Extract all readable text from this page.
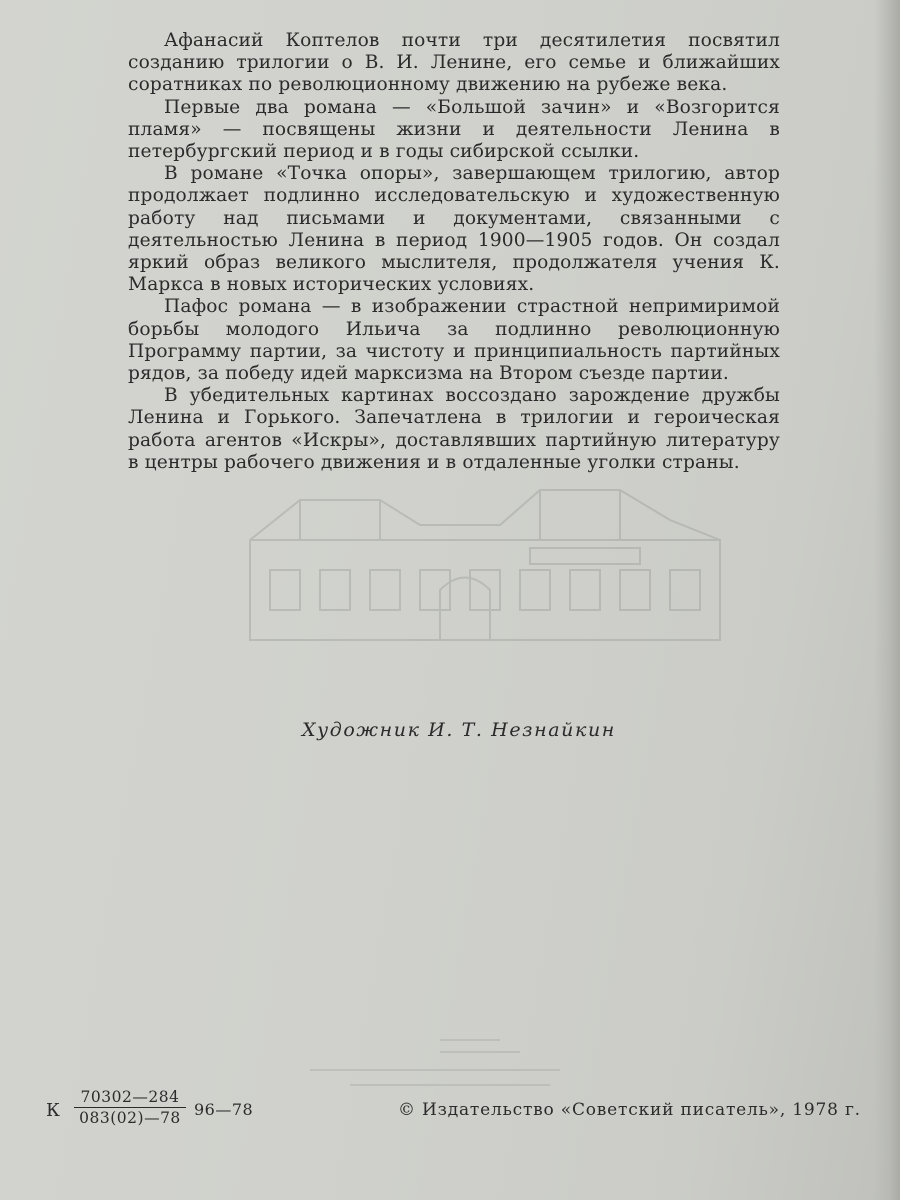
Афанасий Коптелов почти три десятилетия посвятил созданию трилогии о В. И. Ленине, его семье и ближайших соратниках по революционному движению на рубеже века.

Первые два романа — «Большой зачин» и «Возгорится пламя» — посвящены жизни и деятельности Ленина в петербургский период и в годы сибирской ссылки.

В романе «Точка опоры», завершающем трилогию, автор продолжает подлинно исследовательскую и художественную работу над письмами и документами, связанными с деятельностью Ленина в период 1900—1905 годов. Он создал яркий образ великого мыслителя, продолжателя учения К. Маркса в новых исторических условиях.

Пафос романа — в изображении страстной непримиримой борьбы молодого Ильича за подлинно революционную Программу партии, за чистоту и принципиальность партийных рядов, за победу идей марксизма на Втором съезде партии.

В убедительных картинах воссоздано зарождение дружбы Ленина и Горького. Запечатлена в трилогии и героическая работа агентов «Искры», доставлявших партийную литературу в центры рабочего движения и в отдаленные уголки страны.

Художник И. Т. Незнайкин
К $\frac{70302—284}{083(02)—78}$ 96—78	© Издательство «Советский писатель», 1978 г.
